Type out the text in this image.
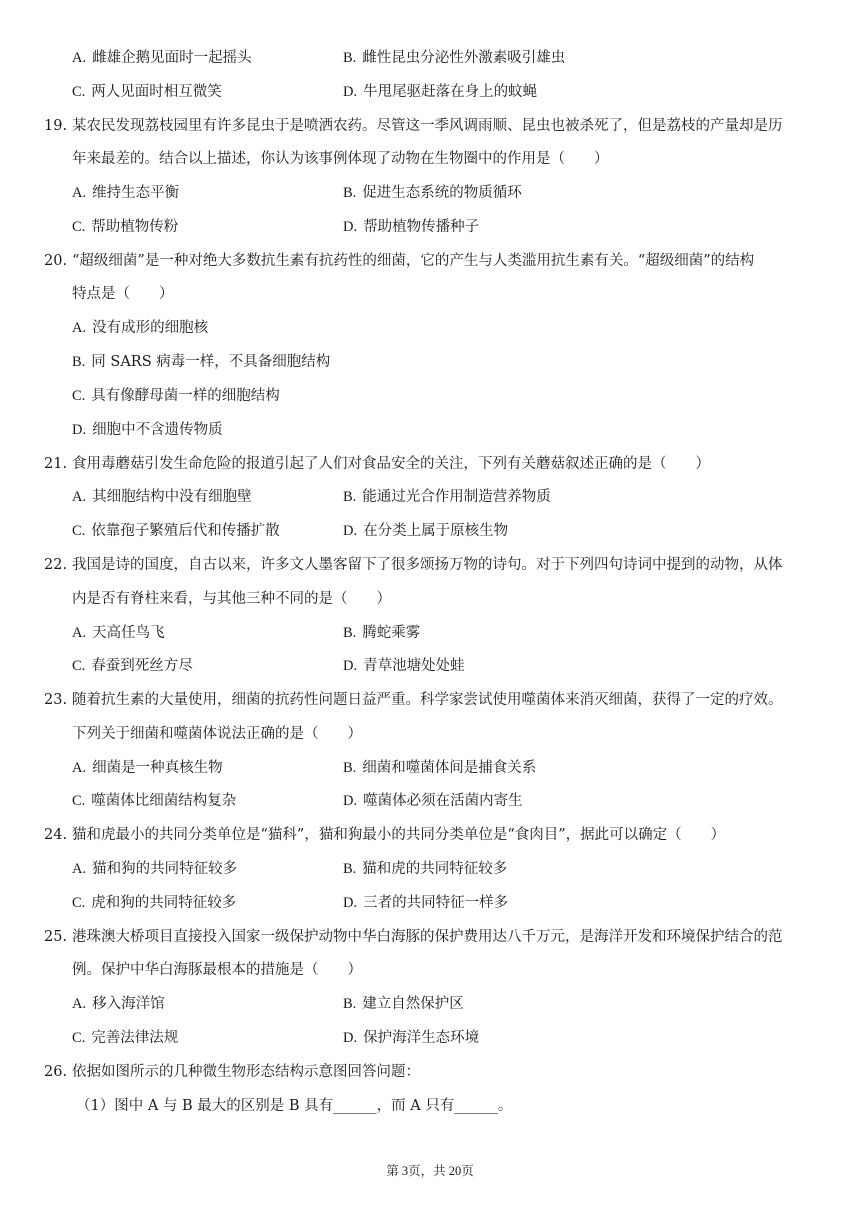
A. 雌雄企鹅见面时一起摇头	B. 雌性昆虫分泌性外激素吸引雄虫
C. 两人见面时相互微笑	D. 牛甩尾驱赶落在身上的蚊蝇
19. 某农民发现荔枝园里有许多昆虫于是喷洒农药。尽管这一季风调雨顺、昆虫也被杀死了，但是荔枝的产量却是历
年来最差的。结合以上描述，你认为该事例体现了动物在生物圈中的作用是（　　）
A. 维持生态平衡	B. 促进生态系统的物质循环
C. 帮助植物传粉	D. 帮助植物传播种子
20. “超级细菌”是一种对绝大多数抗生素有抗药性的细菌，它的产生与人类滥用抗生素有关。“超级细菌”的结构
特点是（　　）
A. 没有成形的细胞核
B. 同 SARS 病毒一样，不具备细胞结构
C. 具有像酵母菌一样的细胞结构
D. 细胞中不含遗传物质
21. 食用毒蘑菇引发生命危险的报道引起了人们对食品安全的关注，下列有关蘑菇叙述正确的是（　　）
A. 其细胞结构中没有细胞壁	B. 能通过光合作用制造营养物质
C. 依靠孢子繁殖后代和传播扩散	D. 在分类上属于原核生物
22. 我国是诗的国度，自古以来，许多文人墨客留下了很多颂扬万物的诗句。对于下列四句诗词中提到的动物，从体
内是否有脊柱来看，与其他三种不同的是（　　）
A. 天高任鸟飞	B. 腾蛇乘雾
C. 春蚕到死丝方尽	D. 青草池塘处处蛙
23. 随着抗生素的大量使用，细菌的抗药性问题日益严重。科学家尝试使用噬菌体来消灭细菌，获得了一定的疗效。
下列关于细菌和噬菌体说法正确的是（　　）
A. 细菌是一种真核生物	B. 细菌和噬菌体间是捕食关系
C. 噬菌体比细菌结构复杂	D. 噬菌体必须在活菌内寄生
24. 猫和虎最小的共同分类单位是“猫科”，猫和狗最小的共同分类单位是“食肉目”，据此可以确定（　　）
A. 猫和狗的共同特征较多	B. 猫和虎的共同特征较多
C. 虎和狗的共同特征较多	D. 三者的共同特征一样多
25. 港珠澳大桥项目直接投入国家一级保护动物中华白海豚的保护费用达八千万元，是海洋开发和环境保护结合的范
例。保护中华白海豚最根本的措施是（　　）
A. 移入海洋馆	B. 建立自然保护区
C. 完善法律法规	D. 保护海洋生态环境
26. 依据如图所示的几种微生物形态结构示意图回答问题：
（1）图中 A 与 B 最大的区别是 B 具有______，而 A 只有______。
第 3页，共 20页
